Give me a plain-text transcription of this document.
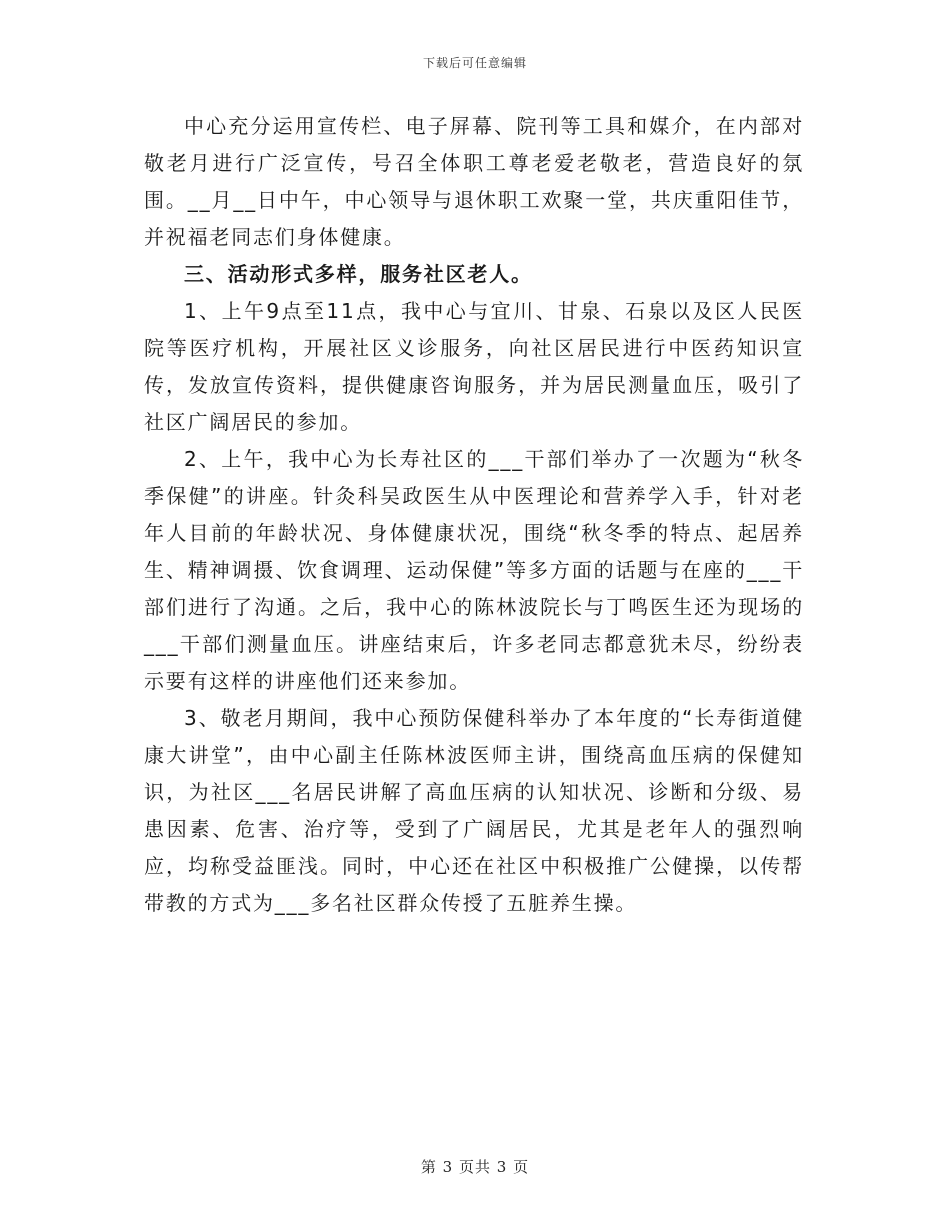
下载后可任意编辑

中心充分运用宣传栏、电子屏幕、院刊等工具和媒介，在内部对敬老月进行广泛宣传，号召全体职工尊老爱老敬老，营造良好的氛围。__月__日中午，中心领导与退休职工欢聚一堂，共庆重阳佳节，并祝福老同志们身体健康。

三、活动形式多样，服务社区老人。

1、上午9点至11点，我中心与宜川、甘泉、石泉以及区人民医院等医疗机构，开展社区义诊服务，向社区居民进行中医药知识宣传，发放宣传资料，提供健康咨询服务，并为居民测量血压，吸引了社区广阔居民的参加。

2、上午，我中心为长寿社区的___干部们举办了一次题为“秋冬季保健”的讲座。针灸科吴政医生从中医理论和营养学入手，针对老年人目前的年龄状况、身体健康状况，围绕“秋冬季的特点、起居养生、精神调摄、饮食调理、运动保健”等多方面的话题与在座的___干部们进行了沟通。之后，我中心的陈林波院长与丁鸣医生还为现场的___干部们测量血压。讲座结束后，许多老同志都意犹未尽，纷纷表示要有这样的讲座他们还来参加。

3、敬老月期间，我中心预防保健科举办了本年度的“长寿街道健康大讲堂”，由中心副主任陈林波医师主讲，围绕高血压病的保健知识，为社区___名居民讲解了高血压病的认知状况、诊断和分级、易患因素、危害、治疗等，受到了广阔居民，尤其是老年人的强烈响应，均称受益匪浅。同时，中心还在社区中积极推广公健操，以传帮带教的方式为___多名社区群众传授了五脏养生操。

第 3 页共 3 页
